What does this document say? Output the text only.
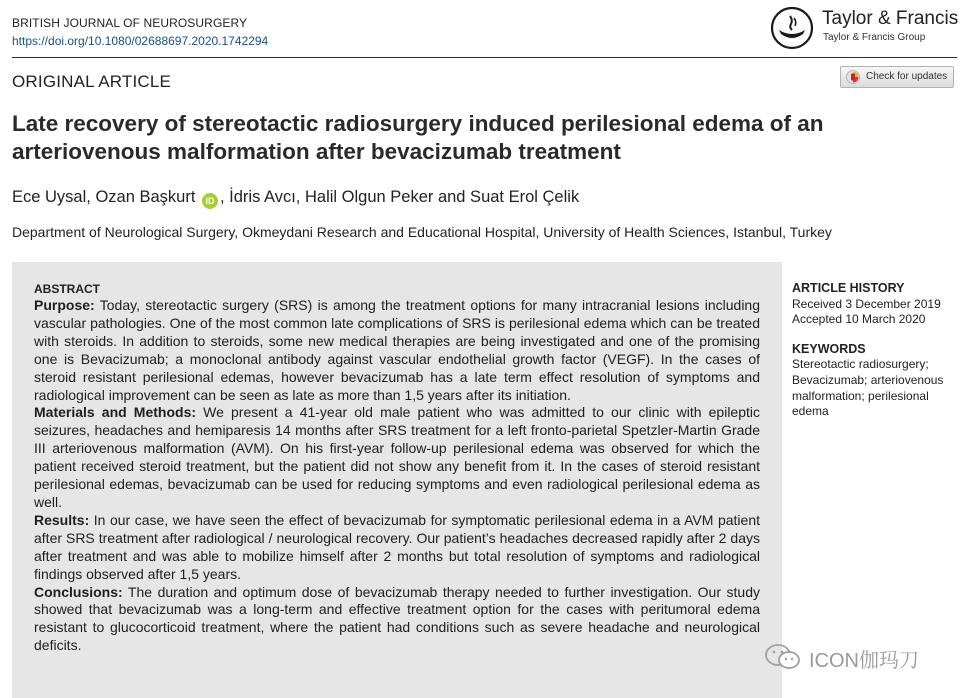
BRITISH JOURNAL OF NEUROSURGERY
https://doi.org/10.1080/02688697.2020.1742294
Taylor & Francis
Taylor & Francis Group
ORIGINAL ARTICLE	Check for updates
Late recovery of stereotactic radiosurgery induced perilesional edema of an arteriovenous malformation after bevacizumab treatment
Ece Uysal, Ozan Başkurt iD , İdris Avcı, Halil Olgun Peker and Suat Erol Çelik
Department of Neurological Surgery, Okmeydani Research and Educational Hospital, University of Health Sciences, Istanbul, Turkey
ABSTRACT

Purpose: Today, stereotactic surgery (SRS) is among the treatment options for many intracranial lesions including vascular pathologies. One of the most common late complications of SRS is perilesional edema which can be treated with steroids. In addition to steroids, some new medical therapies are being investigated and one of the promising one is Bevacizumab; a monoclonal antibody against vascular endothelial growth factor (VEGF). In the cases of steroid resistant perilesional edemas, however bevacizumab has a late term effect resolution of symptoms and radiological improvement can be seen as late as more than 1,5 years after its initiation.

Materials and Methods: We present a 41-year old male patient who was admitted to our clinic with epileptic seizures, headaches and hemiparesis 14 months after SRS treatment for a left fronto-parietal Spetzler-Martin Grade III arteriovenous malformation (AVM). On his first-year follow-up perilesional edema was observed for which the patient received steroid treatment, but the patient did not show any benefit from it. In the cases of steroid resistant perilesional edemas, bevacizumab can be used for reducing symptoms and even radiological perilesional edema as well.

Results: In our case, we have seen the effect of bevacizumab for symptomatic perilesional edema in a AVM patient after SRS treatment after radiological / neurological recovery. Our patient’s headaches decreased rapidly after 2 days after treatment and was able to mobilize himself after 2 months but total resolution of symptoms and radiological findings observed after 1,5 years.

Conclusions: The duration and optimum dose of bevacizumab therapy needed to further investigation. Our study showed that bevacizumab was a long-term and effective treatment option for the cases with peritumoral edema resistant to glucocorticoid treatment, where the patient had conditions such as severe headache and neurological deficits.

ARTICLE HISTORY
Received 3 December 2019
Accepted 10 March 2020
KEYWORDS
Stereotactic radiosurgery; Bevacizumab; arteriovenous malformation; perilesional edema
ICON伽玛刀
